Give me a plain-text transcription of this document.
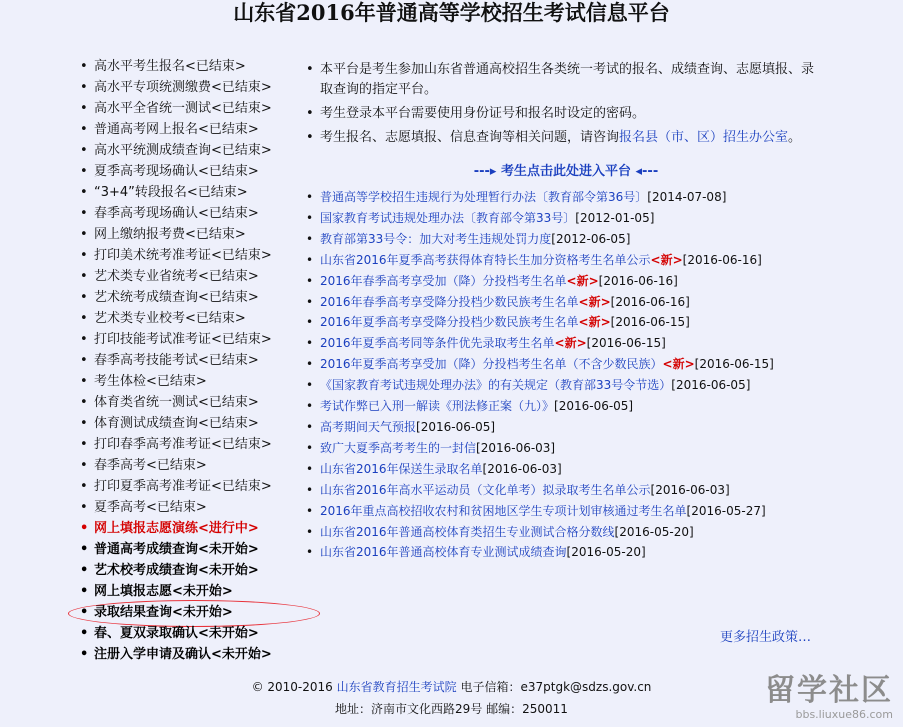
山东省2016年普通高等学校招生考试信息平台
• 高水平考生报名<已结束>
• 高水平专项统测缴费<已结束>
• 高水平全省统一测试<已结束>
• 普通高考网上报名<已结束>
• 高水平统测成绩查询<已结束>
• 夏季高考现场确认<已结束>
• “3+4”转段报名<已结束>
• 春季高考现场确认<已结束>
• 网上缴纳报考费<已结束>
• 打印美术统考准考证<已结束>
• 艺术类专业省统考<已结束>
• 艺术统考成绩查询<已结束>
• 艺术类专业校考<已结束>
• 打印技能考试准考证<已结束>
• 春季高考技能考试<已结束>
• 考生体检<已结束>
• 体育类省统一测试<已结束>
• 体育测试成绩查询<已结束>
• 打印春季高考准考证<已结束>
• 春季高考<已结束>
• 打印夏季高考准考证<已结束>
• 夏季高考<已结束>
• 网上填报志愿演练<进行中>
• 普通高考成绩查询<未开始>
• 艺术校考成绩查询<未开始>
• 网上填报志愿<未开始>
• 录取结果查询<未开始>
• 春、夏双录取确认<未开始>
• 注册入学申请及确认<未开始>
• 本平台是考生参加山东省普通高校招生各类统一考试的报名、成绩查询、志愿填报、录取查询的指定平台。
• 考生登录本平台需要使用身份证号和报名时设定的密码。
• 考生报名、志愿填报、信息查询等相关问题，请咨询报名县（市、区）招生办公室。
---▸ 考生点击此处进入平台 ◂---
• 普通高等学校招生违规行为处理暂行办法〔教育部令第36号〕[2014-07-08]
• 国家教育考试违规处理办法〔教育部令第33号〕[2012-01-05]
• 教育部第33号令：加大对考生违规处罚力度[2012-06-05]
• 山东省2016年夏季高考获得体育特长生加分资格考生名单公示<新>[2016-06-16]
• 2016年春季高考享受加（降）分投档考生名单<新>[2016-06-16]
• 2016年春季高考享受降分投档少数民族考生名单<新>[2016-06-16]
• 2016年夏季高考享受降分投档少数民族考生名单<新>[2016-06-15]
• 2016年夏季高考同等条件优先录取考生名单<新>[2016-06-15]
• 2016年夏季高考享受加（降）分投档考生名单（不含少数民族）<新>[2016-06-15]
• 《国家教育考试违规处理办法》的有关规定（教育部33号令节选）[2016-06-05]
• 考试作弊已入刑一解读《刑法修正案（九）》[2016-06-05]
• 高考期间天气预报[2016-06-05]
• 致广大夏季高考考生的一封信[2016-06-03]
• 山东省2016年保送生录取名单[2016-06-03]
• 山东省2016年高水平运动员（文化单考）拟录取考生名单公示[2016-06-03]
• 2016年重点高校招收农村和贫困地区学生专项计划审核通过考生名单[2016-05-27]
• 山东省2016年普通高校体育类招生专业测试合格分数线[2016-05-20]
• 山东省2016年普通高校体育专业测试成绩查询[2016-05-20]
更多招生政策…
© 2010-2016 山东省教育招生考试院 电子信箱：e37ptgk@sdzs.gov.cn
地址：济南市文化西路29号 邮编：250011
留学社区
bbs.liuxue86.com
